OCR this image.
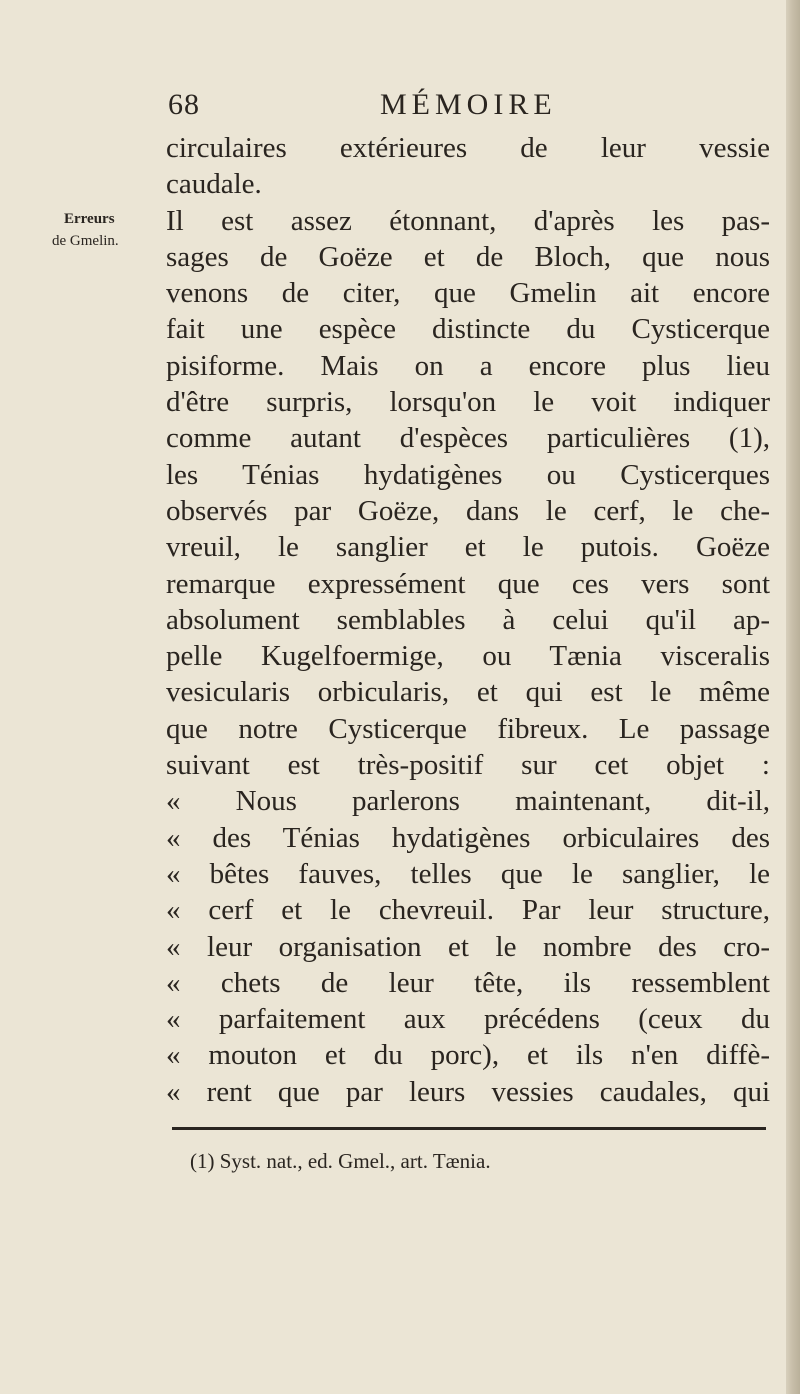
68	MÉMOIRE
Erreurs
de Gmelin.
circulaires extérieures de leur vessie
caudale.
Il est assez étonnant, d'après les pas-
sages de Goëze et de Bloch, que nous
venons de citer, que Gmelin ait encore
fait une espèce distincte du Cysticerque
pisiforme. Mais on a encore plus lieu
d'être surpris, lorsqu'on le voit indiquer
comme autant d'espèces particulières (1),
les Ténias hydatigènes ou Cysticerques
observés par Goëze, dans le cerf, le che-
vreuil, le sanglier et le putois. Goëze
remarque expressément que ces vers sont
absolument semblables à celui qu'il ap-
pelle Kugelfoermige, ou Tænia visceralis
vesicularis orbicularis, et qui est le même
que notre Cysticerque fibreux. Le passage
suivant est très-positif sur cet objet :
« Nous parlerons maintenant, dit-il,
« des Ténias hydatigènes orbiculaires des
« bêtes fauves, telles que le sanglier, le
« cerf et le chevreuil. Par leur structure,
« leur organisation et le nombre des cro-
« chets de leur tête, ils ressemblent
« parfaitement aux précédens (ceux du
« mouton et du porc), et ils n'en diffè-
« rent que par leurs vessies caudales, qui
(1) Syst. nat., ed. Gmel., art. Tænia.
